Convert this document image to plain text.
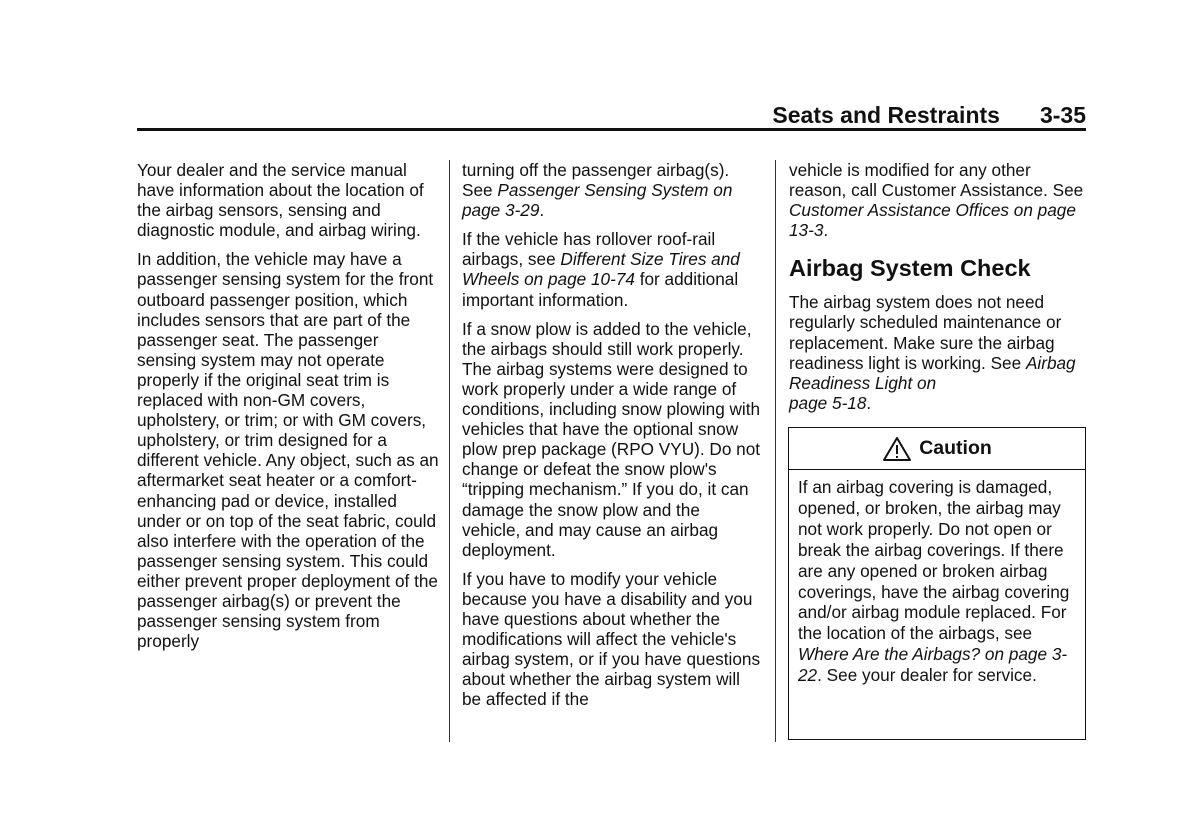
Seats and Restraints 3-35

Your dealer and the service manual have information about the location of the airbag sensors, sensing and diagnostic module, and airbag wiring.

In addition, the vehicle may have a passenger sensing system for the front outboard passenger position, which includes sensors that are part of the passenger seat. The passenger sensing system may not operate properly if the original seat trim is replaced with non-GM covers, upholstery, or trim; or with GM covers, upholstery, or trim designed for a different vehicle. Any object, such as an aftermarket seat heater or a comfort-enhancing pad or device, installed under or on top of the seat fabric, could also interfere with the operation of the passenger sensing system. This could either prevent proper deployment of the passenger airbag(s) or prevent the passenger sensing system from properly

turning off the passenger airbag(s). See Passenger Sensing System on page 3-29.

If the vehicle has rollover roof-rail airbags, see Different Size Tires and Wheels on page 10-74 for additional important information.

If a snow plow is added to the vehicle, the airbags should still work properly. The airbag systems were designed to work properly under a wide range of conditions, including snow plowing with vehicles that have the optional snow plow prep package (RPO VYU). Do not change or defeat the snow plow's “tripping mechanism.” If you do, it can damage the snow plow and the vehicle, and may cause an airbag deployment.

If you have to modify your vehicle because you have a disability and you have questions about whether the modifications will affect the vehicle's airbag system, or if you have questions about whether the airbag system will be affected if the

vehicle is modified for any other reason, call Customer Assistance. See Customer Assistance Offices on page 13-3.

Airbag System Check

The airbag system does not need regularly scheduled maintenance or replacement. Make sure the airbag readiness light is working. See Airbag Readiness Light on
page 5-18.

Caution
If an airbag covering is damaged, opened, or broken, the airbag may not work properly. Do not open or break the airbag coverings. If there are any opened or broken airbag coverings, have the airbag covering and/or airbag module replaced. For the location of the airbags, see Where Are the Airbags? on page 3-22. See your dealer for service.
